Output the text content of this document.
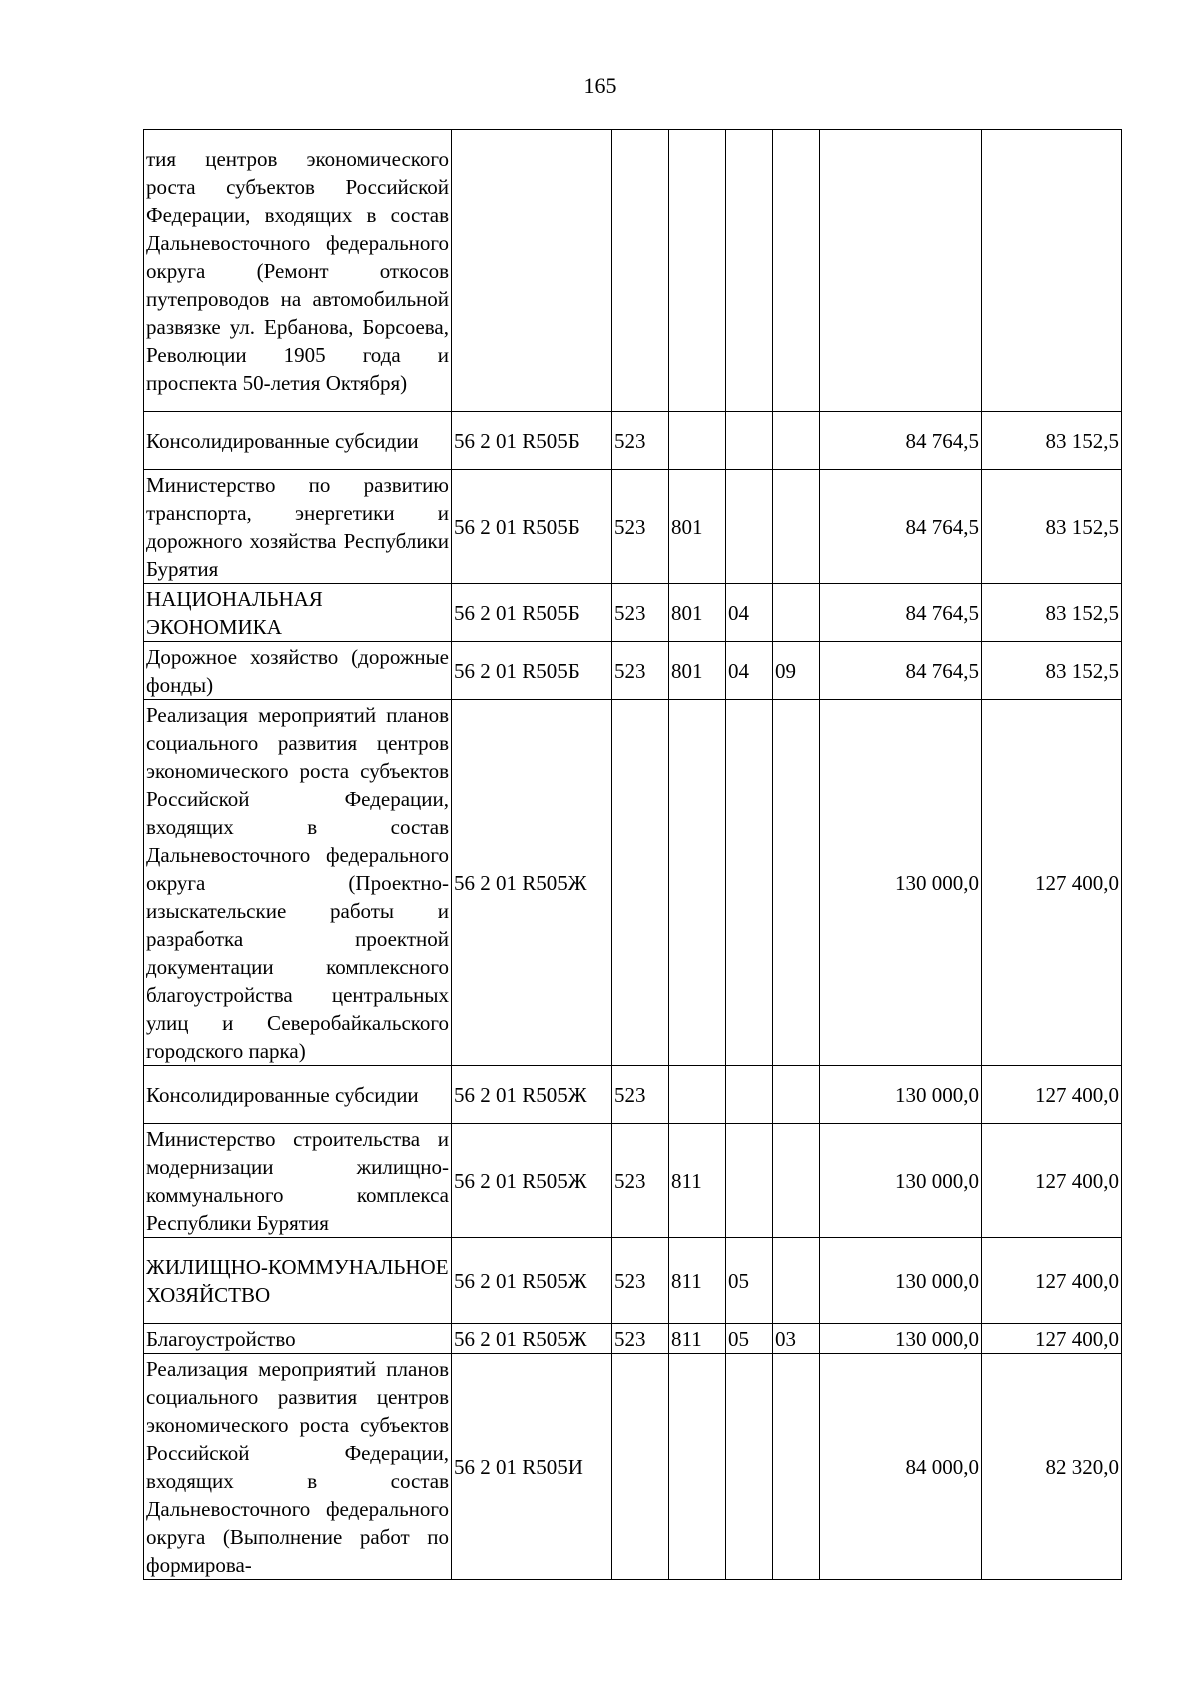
165
тия центров экономического роста субъектов Российской Федерации, входящих в состав Дальневосточного федерального округа (Ремонт откосов путепроводов на автомобильной развязке ул. Ербанова, Борсоева, Революции 1905 года и проспекта 50-летия Октября)							
Консолидированные субсидии	56 2 01 R505Б	523				84 764,5	83 152,5
Министерство по развитию транспорта, энергетики и дорожного хозяйства Республики Бурятия	56 2 01 R505Б	523	801			84 764,5	83 152,5
НАЦИОНАЛЬНАЯ ЭКОНОМИКА	56 2 01 R505Б	523	801	04		84 764,5	83 152,5
Дорожное хозяйство (дорожные фонды)	56 2 01 R505Б	523	801	04	09	84 764,5	83 152,5
Реализация мероприятий планов социального развития центров экономического роста субъектов Российской Федерации, входящих в состав Дальневосточного федерального округа (Проектно-изыскательские работы и разработка проектной документации комплексного благоустройства центральных улиц и Северобайкальского городского парка)	56 2 01 R505Ж					130 000,0	127 400,0
Консолидированные субсидии	56 2 01 R505Ж	523				130 000,0	127 400,0
Министерство строительства и модернизации жилищно-коммунального комплекса Республики Бурятия	56 2 01 R505Ж	523	811			130 000,0	127 400,0
ЖИЛИЩНО-КОММУНАЛЬНОЕ ХОЗЯЙСТВО	56 2 01 R505Ж	523	811	05		130 000,0	127 400,0
Благоустройство	56 2 01 R505Ж	523	811	05	03	130 000,0	127 400,0
Реализация мероприятий планов социального развития центров экономического роста субъектов Российской Федерации, входящих в состав Дальневосточного федерального округа (Выполнение работ по формирова-	56 2 01 R505И					84 000,0	82 320,0
